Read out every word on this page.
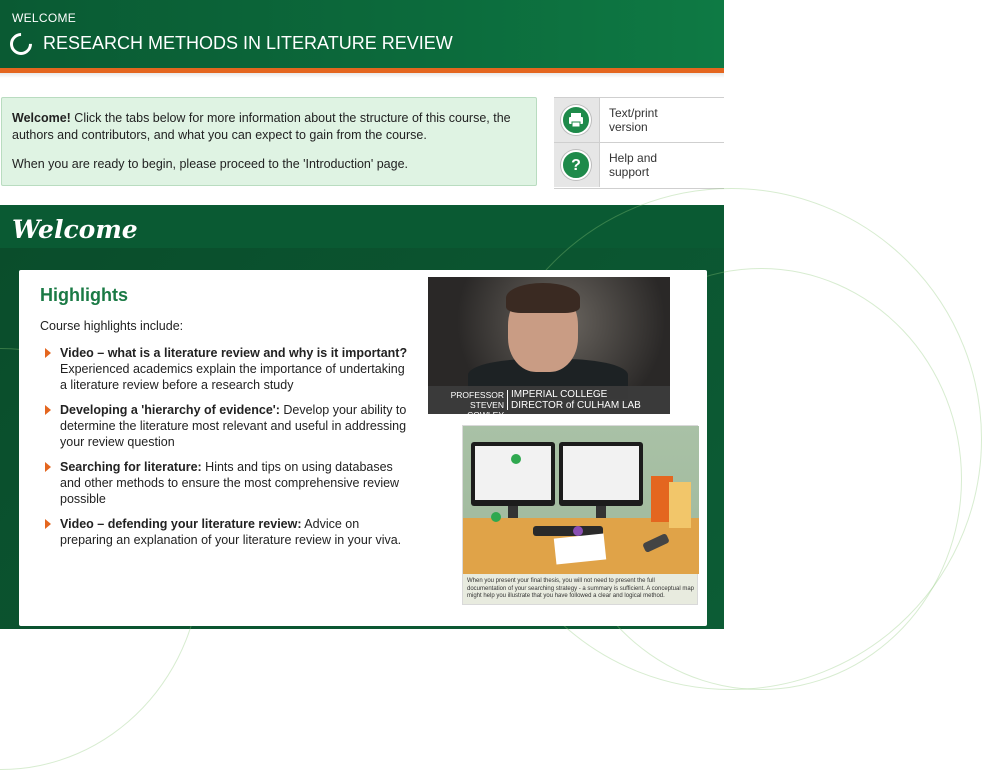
WELCOME
RESEARCH METHODS IN LITERATURE REVIEW

Welcome! Click the tabs below for more information about the structure of this course, the authors and contributors, and what you can expect to gain from the course.

When you are ready to begin, please proceed to the 'Introduction' page.

Text/print
version
?	Help and
support
Welcome
Highlights
Course highlights include:
Video – what is a literature review and why is it important? Experienced academics explain the importance of undertaking a literature review before a research study
Developing a 'hierarchy of evidence': Develop your ability to determine the literature most relevant and useful in addressing your review question
Searching for literature: Hints and tips on using databases and other methods to ensure the most comprehensive review possible
Video – defending your literature review: Advice on preparing an explanation of your literature review in your viva.
PROFESSOR
STEVEN COWLEY
IMPERIAL COLLEGE
DIRECTOR of CULHAM LAB
When you present your final thesis, you will not need to present the full documentation of your searching strategy - a summary is sufficient. A conceptual map might help you illustrate that you have followed a clear and logical method.
